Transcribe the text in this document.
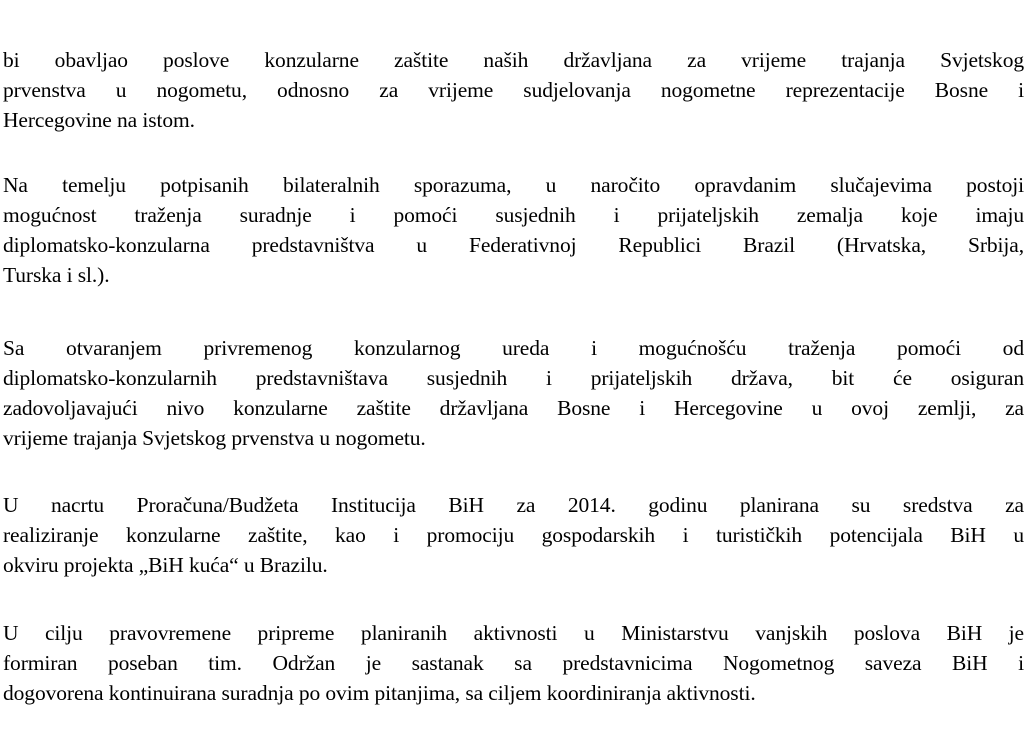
bi obavljao poslove konzularne zaštite naših državljana za vrijeme trajanja Svjetskog
prvenstva u nogometu, odnosno za vrijeme sudjelovanja nogometne reprezentacije Bosne i
Hercegovine na istom.

Na temelju potpisanih bilateralnih sporazuma, u naročito opravdanim slučajevima postoji
mogućnost traženja suradnje i pomoći susjednih i prijateljskih zemalja koje imaju
diplomatsko-konzularna predstavništva u Federativnoj Republici Brazil (Hrvatska, Srbija,
Turska i sl.).

Sa otvaranjem privremenog konzularnog ureda i mogućnošću traženja pomoći od
diplomatsko-konzularnih predstavništava susjednih i prijateljskih država, bit će osiguran
zadovoljavajući nivo konzularne zaštite državljana Bosne i Hercegovine u ovoj zemlji, za
vrijeme trajanja Svjetskog prvenstva u nogometu.

U nacrtu Proračuna/Budžeta Institucija BiH za 2014. godinu planirana su sredstva za
realiziranje konzularne zaštite, kao i promociju gospodarskih i turističkih potencijala BiH u
okviru projekta „BiH kuća“ u Brazilu.

U cilju pravovremene pripreme planiranih aktivnosti u Ministarstvu vanjskih poslova BiH je
formiran poseban tim. Održan je sastanak sa predstavnicima Nogometnog saveza BiH i
dogovorena kontinuirana suradnja po ovim pitanjima, sa ciljem koordiniranja aktivnosti.
